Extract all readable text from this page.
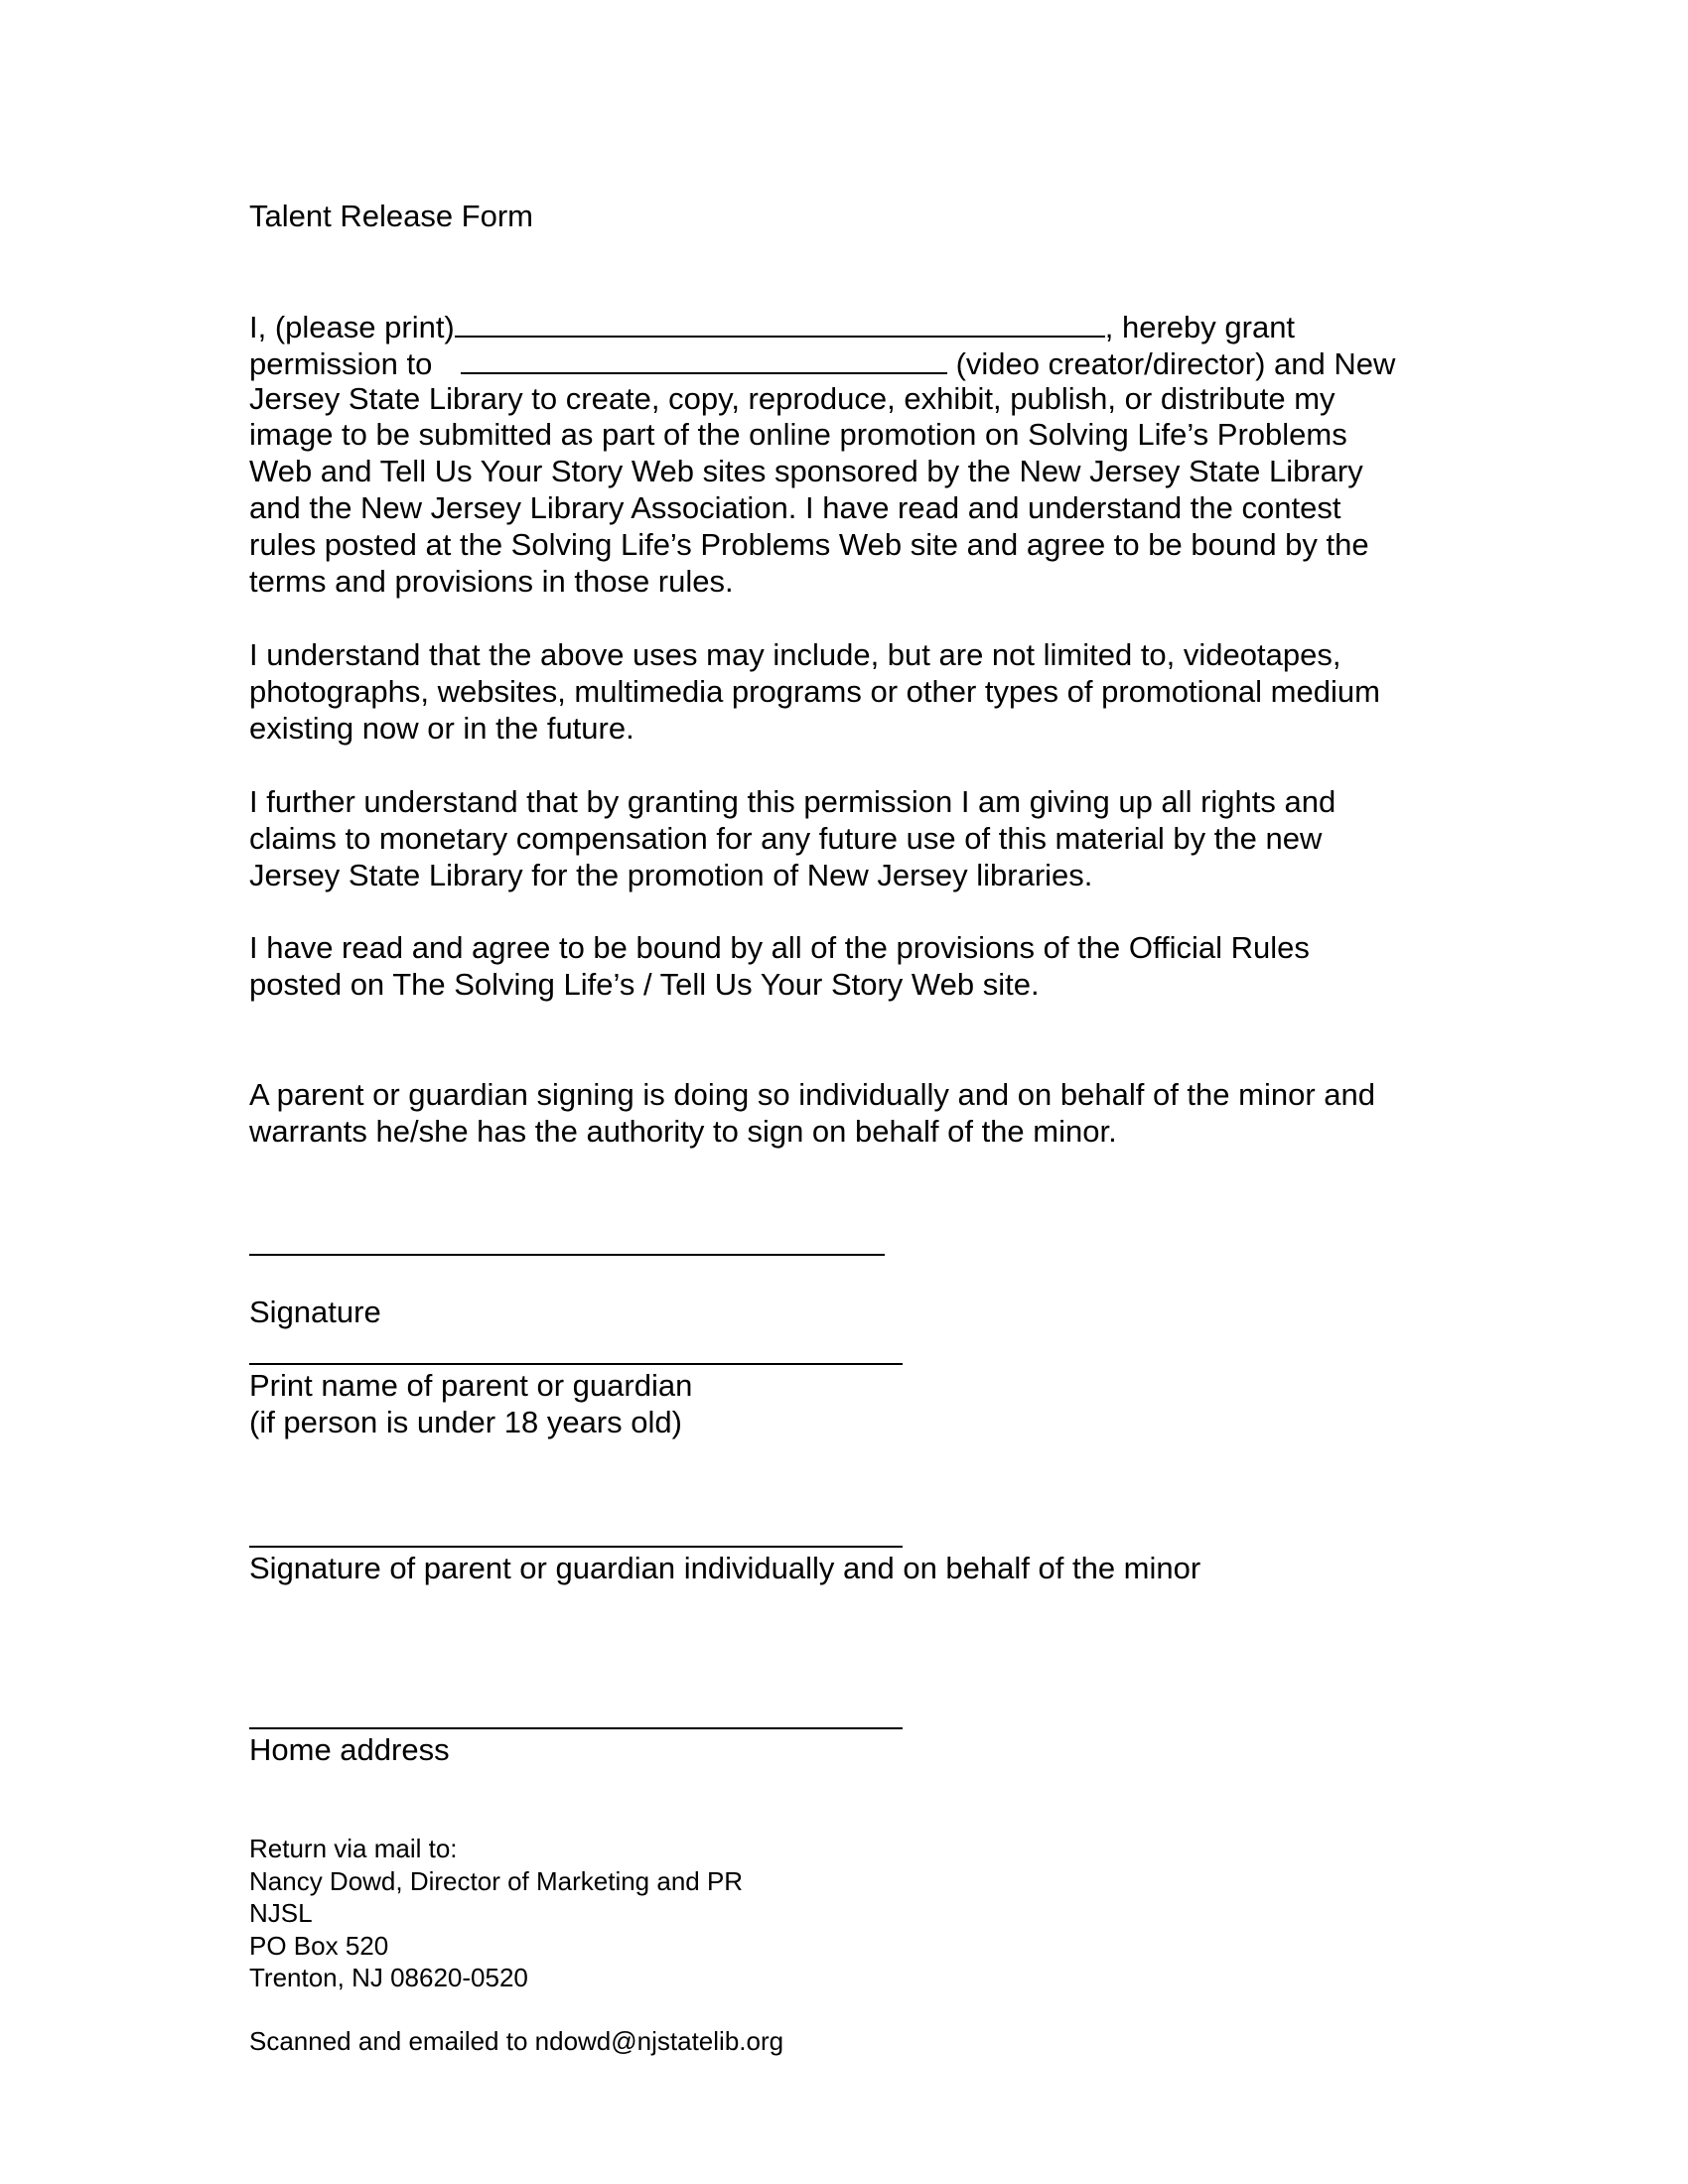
Talent Release Form
I, (please print)	, hereby grant
permission to	(video creator/director) and New
Jersey State Library to create, copy, reproduce, exhibit, publish, or distribute my
image to be submitted as part of the online promotion on Solving Life’s Problems
Web and Tell Us Your Story Web sites sponsored by the New Jersey State Library
and the New Jersey Library Association. I have read and understand the contest
rules posted at the Solving Life’s Problems Web site and agree to be bound by the
terms and provisions in those rules.
I understand that the above uses may include, but are not limited to, videotapes,
photographs, websites, multimedia programs or other types of promotional medium
existing now or in the future.
I further understand that by granting this permission I am giving up all rights and
claims to monetary compensation for any future use of this material by the new
Jersey State Library for the promotion of New Jersey libraries.
I have read and agree to be bound by all of the provisions of the Official Rules
posted on The Solving Life’s / Tell Us Your Story Web site.
A parent or guardian signing is doing so individually and on behalf of the minor and
warrants he/she has the authority to sign on behalf of the minor.
Signature
Print name of parent or guardian
(if person is under 18 years old)
Signature of parent or guardian individually and on behalf of the minor
Home address
Return via mail to:
Nancy Dowd, Director of Marketing and PR
NJSL
PO Box 520
Trenton, NJ 08620-0520
Scanned and emailed to ndowd@njstatelib.org
